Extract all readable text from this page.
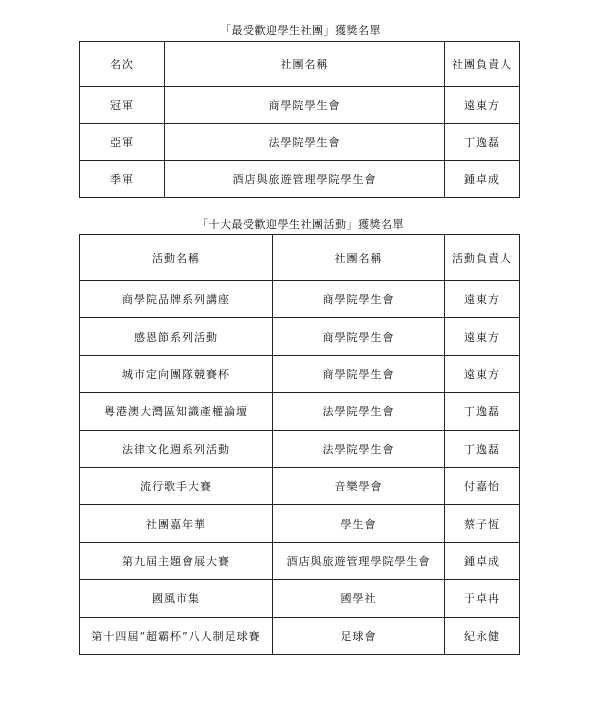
「最受歡迎學生社團」獲獎名單
名次	社團名稱	社團負責人
冠軍	商學院學生會	遠東方
亞軍	法學院學生會	丁逸磊
季軍	酒店與旅遊管理學院學生會	鍾卓成
「十大最受歡迎學生社團活動」獲獎名單
活動名稱	社團名稱	活動負責人
商學院品牌系列講座	商學院學生會	遠東方
感恩節系列活動	商學院學生會	遠東方
城市定向團隊競賽杯	商學院學生會	遠東方
粵港澳大灣區知識產權論壇	法學院學生會	丁逸磊
法律文化週系列活動	法學院學生會	丁逸磊
流行歌手大賽	音樂學會	付嘉怡
社團嘉年華	學生會	蔡子恆
第九屆主題會展大賽	酒店與旅遊管理學院學生會	鍾卓成
國風市集	國學社	于卓冉
第十四屆“超霸杯”八人制足球賽	足球會	紀永健
